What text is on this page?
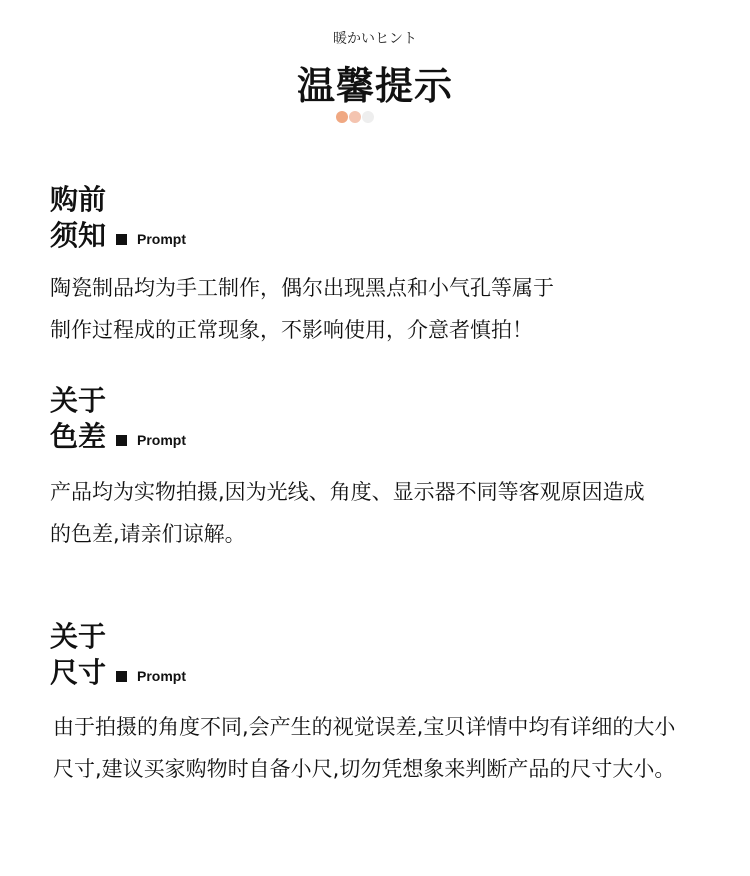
暖かいヒント
温馨提示
购前
须知 Prompt
陶瓷制品均为手工制作，偶尔出现黑点和小气孔等属于
制作过程成的正常现象，不影响使用，介意者慎拍！
关于
色差 Prompt
产品均为实物拍摄,因为光线、角度、显示器不同等客观原因造成
的色差,请亲们谅解。
关于
尺寸 Prompt
由于拍摄的角度不同,会产生的视觉误差,宝贝详情中均有详细的大小
尺寸,建议买家购物时自备小尺,切勿凭想象来判断产品的尺寸大小。
